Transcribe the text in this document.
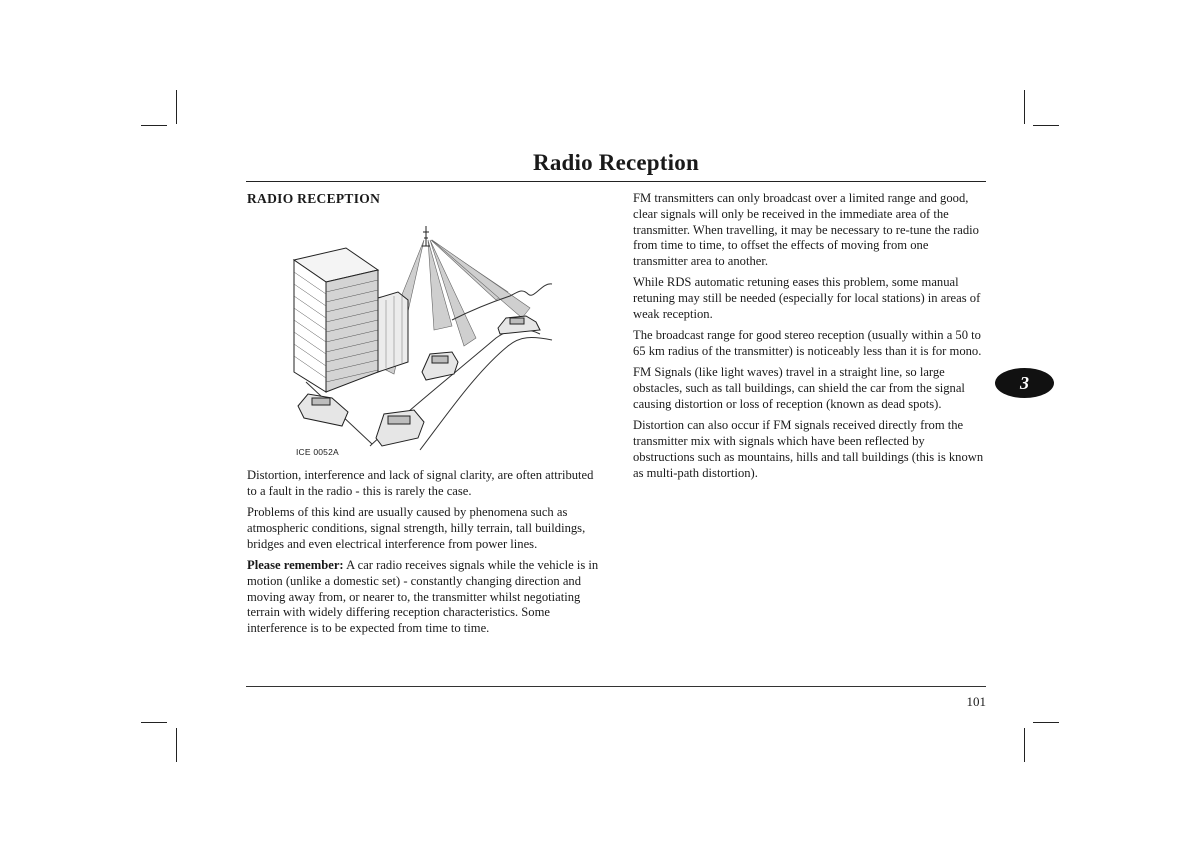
Radio Reception
RADIO RECEPTION
ICE 0052A

Distortion, interference and lack of signal clarity, are often attributed to a fault in the radio - this is rarely the case.

Problems of this kind are usually caused by phenomena such as atmospheric conditions, signal strength, hilly terrain, tall buildings, bridges and even electrical interference from power lines.

Please remember: A car radio receives signals while the vehicle is in motion (unlike a domestic set) - constantly changing direction and moving away from, or nearer to, the transmitter whilst negotiating terrain with widely differing reception characteristics. Some interference is to be expected from time to time.

FM transmitters can only broadcast over a limited range and good, clear signals will only be received in the immediate area of the transmitter. When travelling, it may be necessary to re-tune the radio from time to time, to offset the effects of moving from one transmitter area to another.

While RDS automatic retuning eases this problem, some manual retuning may still be needed (especially for local stations) in areas of weak reception.

The broadcast range for good stereo reception (usually within a 50 to 65 km radius of the transmitter) is noticeably less than it is for mono.

FM Signals (like light waves) travel in a straight line, so large obstacles, such as tall buildings, can shield the car from the signal causing distortion or loss of reception (known as dead spots).

Distortion can also occur if FM signals received directly from the transmitter mix with signals which have been reflected by obstructions such as mountains, hills and tall buildings (this is known as multi-path distortion).

3
101
